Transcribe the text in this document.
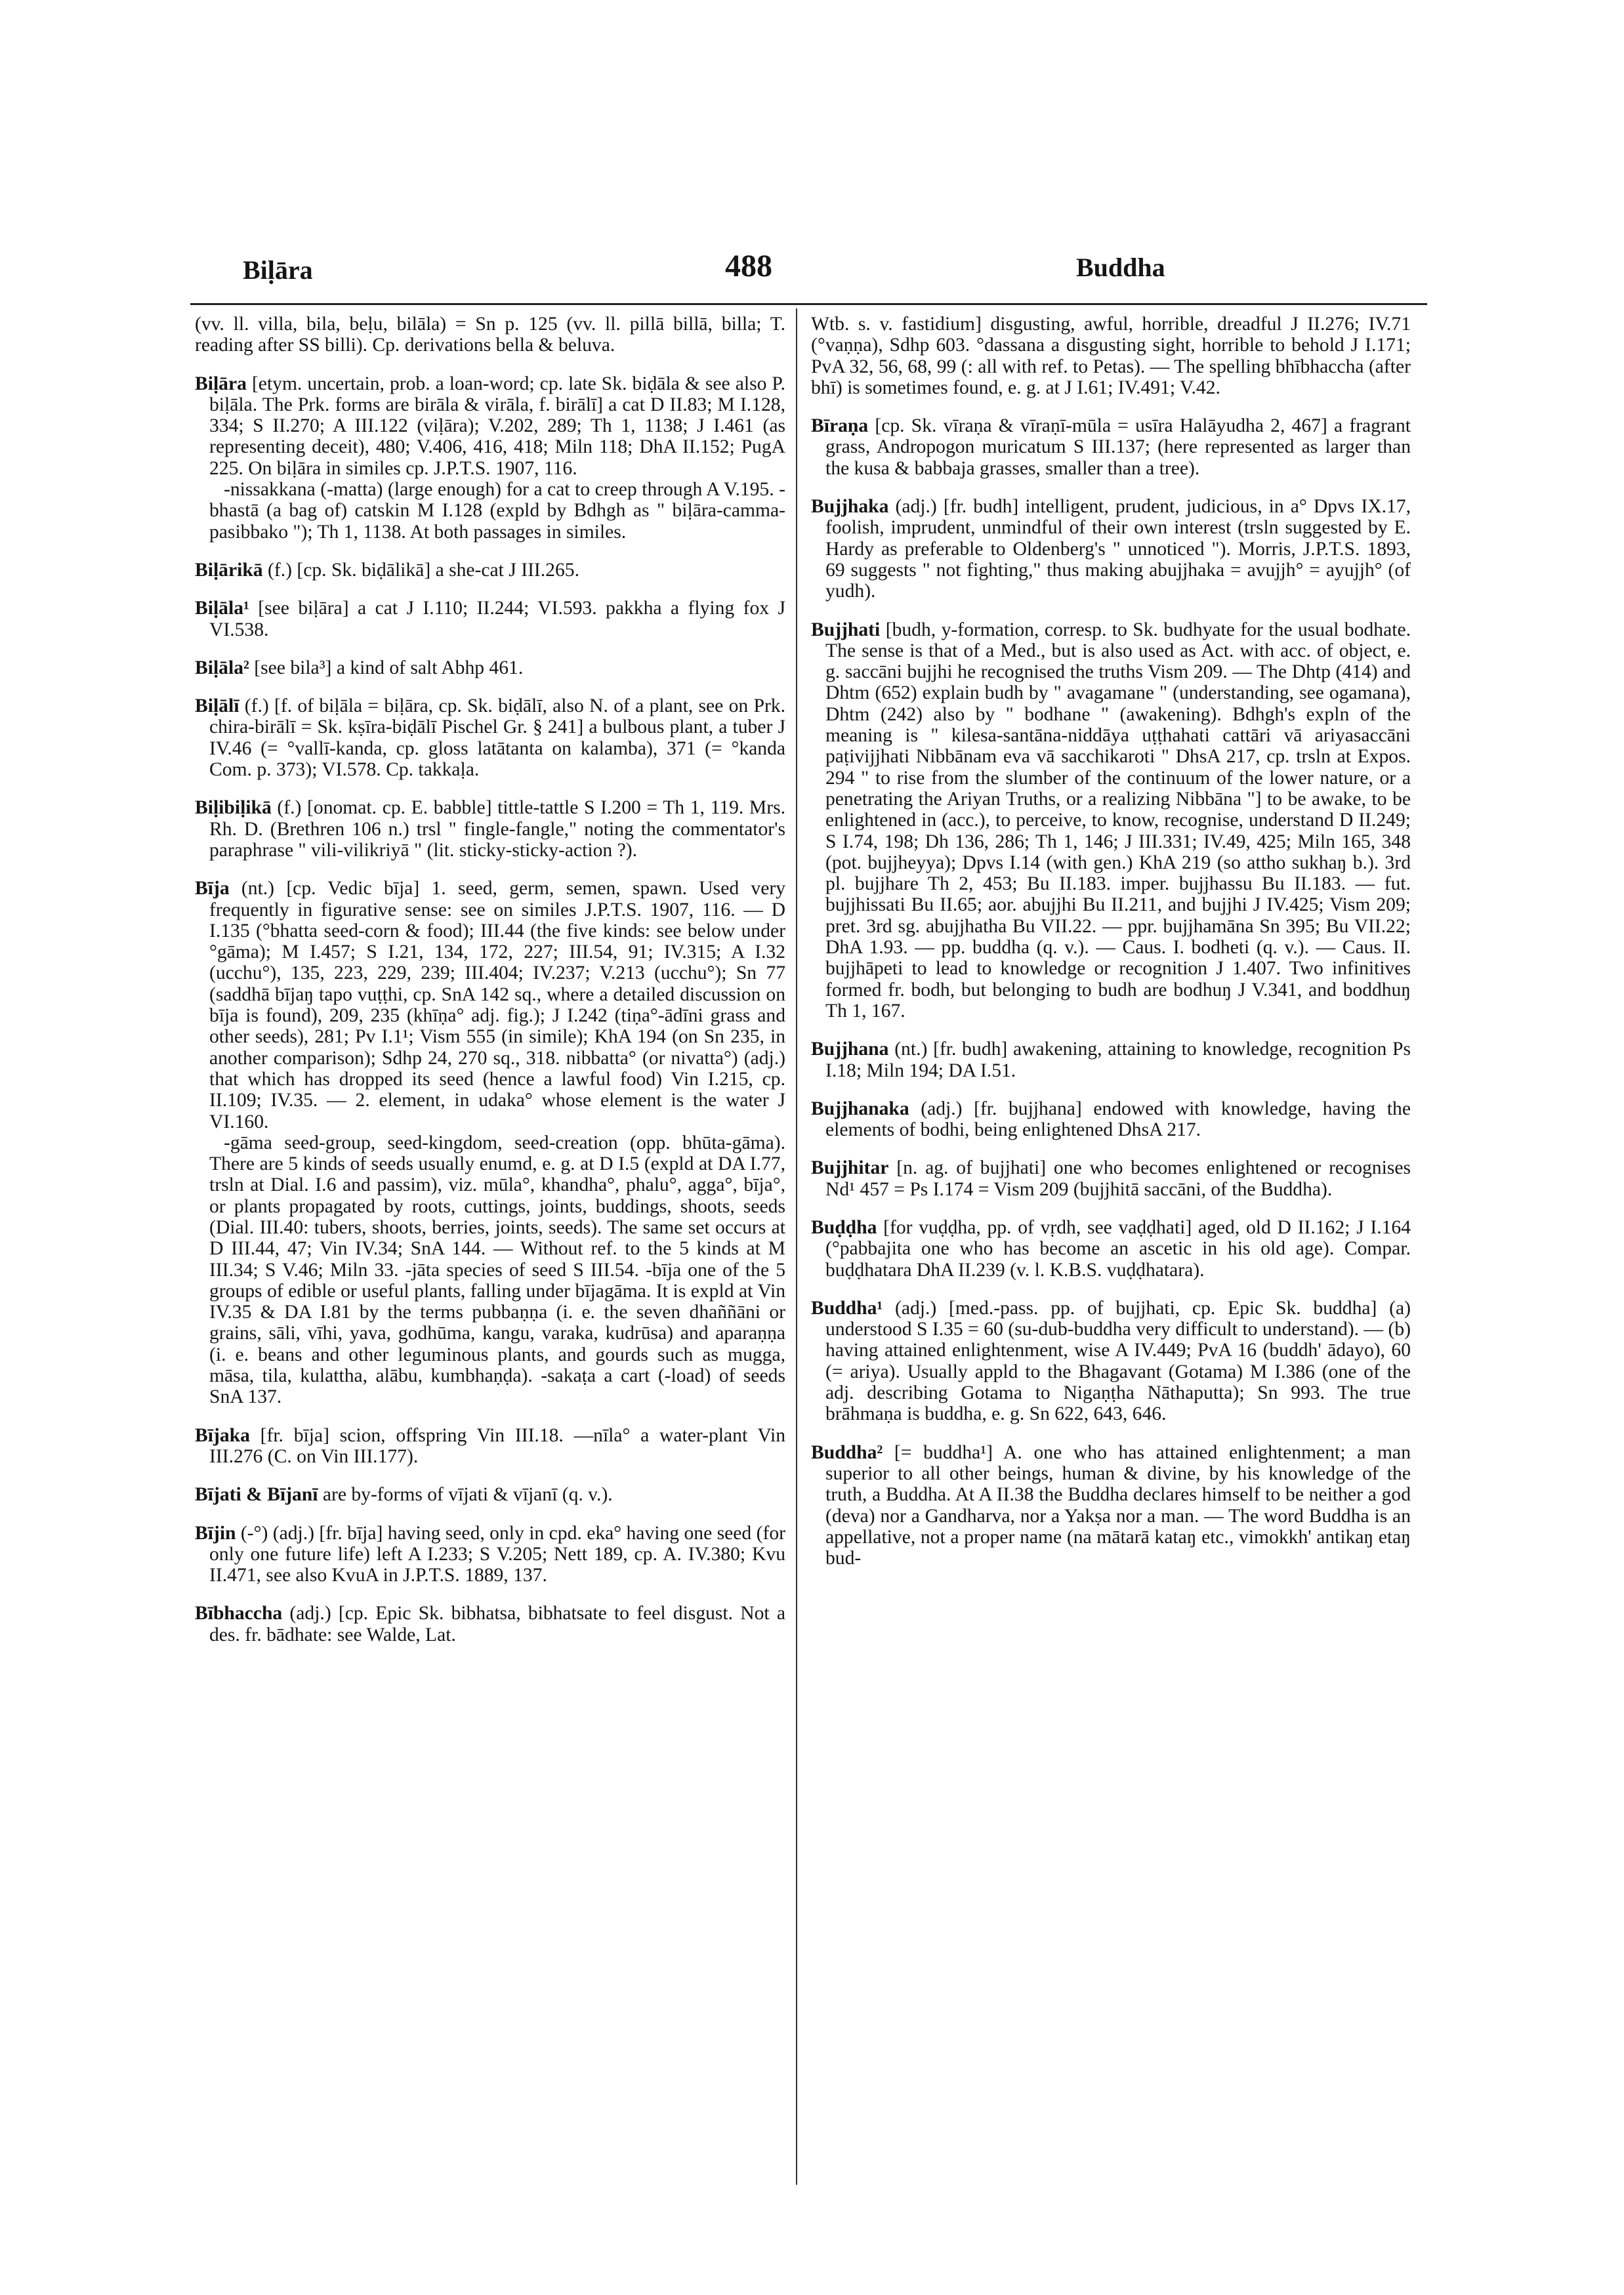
Biḷāra	488	Buddha

(vv. ll. villa, bila, beḷu, bilāla) = Sn p. 125 (vv. ll. pillā billā, billa; T. reading after SS billi). Cp. derivations bella & beluva.

Biḷāra [etym. uncertain, prob. a loan-word; cp. late Sk. biḍāla & see also P. biḷāla. The Prk. forms are birāla & virāla, f. birālī] a cat D II.83; M I.128, 334; S II.270; A III.122 (viḷāra); V.202, 289; Th 1, 1138; J I.461 (as representing deceit), 480; V.406, 416, 418; Miln 118; DhA II.152; PugA 225. On biḷāra in similes cp. J.P.T.S. 1907, 116.
-nissakkana (-matta) (large enough) for a cat to creep through A V.195. -bhastā (a bag of) catskin M I.128 (expld by Bdhgh as " biḷāra-camma-pasibbako "); Th 1, 1138. At both passages in similes.

Biḷārikā (f.) [cp. Sk. biḍālikā] a she-cat J III.265.

Biḷāla¹ [see biḷāra] a cat J I.110; II.244; VI.593. pakkha a flying fox J VI.538.

Biḷāla² [see bila³] a kind of salt Abhp 461.

Biḷālī (f.) [f. of biḷāla = biḷāra, cp. Sk. biḍālī, also N. of a plant, see on Prk. chira-birālī = Sk. kṣīra-biḍālī Pischel Gr. § 241] a bulbous plant, a tuber J IV.46 (= °vallī-kanda, cp. gloss latātanta on kalamba), 371 (= °kanda Com. p. 373); VI.578. Cp. takkaḷa.

Biḷibiḷikā (f.) [onomat. cp. E. babble] tittle-tattle S I.200 = Th 1, 119. Mrs. Rh. D. (Brethren 106 n.) trsl " fingle-fangle," noting the commentator's paraphrase " vili-vilikriyā " (lit. sticky-sticky-action ?).

Bīja (nt.) [cp. Vedic bīja] 1. seed, germ, semen, spawn. Used very frequently in figurative sense: see on similes J.P.T.S. 1907, 116. — D I.135 (°bhatta seed-corn & food); III.44 (the five kinds: see below under °gāma); M I.457; S I.21, 134, 172, 227; III.54, 91; IV.315; A I.32 (ucchu°), 135, 223, 229, 239; III.404; IV.237; V.213 (ucchu°); Sn 77 (saddhā bījaŋ tapo vuṭṭhi, cp. SnA 142 sq., where a detailed discussion on bīja is found), 209, 235 (khīṇa° adj. fig.); J I.242 (tiṇa°-ādīni grass and other seeds), 281; Pv I.1¹; Vism 555 (in simile); KhA 194 (on Sn 235, in another comparison); Sdhp 24, 270 sq., 318. nibbatta° (or nivatta°) (adj.) that which has dropped its seed (hence a lawful food) Vin I.215, cp. II.109; IV.35. — 2. element, in udaka° whose element is the water J VI.160.
-gāma seed-group, seed-kingdom, seed-creation (opp. bhūta-gāma). There are 5 kinds of seeds usually enumd, e. g. at D I.5 (expld at DA I.77, trsln at Dial. I.6 and passim), viz. mūla°, khandha°, phalu°, agga°, bīja°, or plants propagated by roots, cuttings, joints, buddings, shoots, seeds (Dial. III.40: tubers, shoots, berries, joints, seeds). The same set occurs at D III.44, 47; Vin IV.34; SnA 144. — Without ref. to the 5 kinds at M III.34; S V.46; Miln 33. -jāta species of seed S III.54. -bīja one of the 5 groups of edible or useful plants, falling under bījagāma. It is expld at Vin IV.35 & DA I.81 by the terms pubbaṇṇa (i. e. the seven dhaññāni or grains, sāli, vīhi, yava, godhūma, kangu, varaka, kudrūsa) and aparaṇṇa (i. e. beans and other leguminous plants, and gourds such as mugga, māsa, tila, kulattha, alābu, kumbhaṇḍa). -sakaṭa a cart (-load) of seeds SnA 137.

Bījaka [fr. bīja] scion, offspring Vin III.18. —nīla° a water-plant Vin III.276 (C. on Vin III.177).

Bījati & Bījanī are by-forms of vījati & vījanī (q. v.).

Bījin (-°) (adj.) [fr. bīja] having seed, only in cpd. eka° having one seed (for only one future life) left A I.233; S V.205; Nett 189, cp. A. IV.380; Kvu II.471, see also KvuA in J.P.T.S. 1889, 137.

Bībhaccha (adj.) [cp. Epic Sk. bibhatsa, bibhatsate to feel disgust. Not a des. fr. bādhate: see Walde, Lat.

Wtb. s. v. fastidium] disgusting, awful, horrible, dreadful J II.276; IV.71 (°vaṇṇa), Sdhp 603. °dassana a disgusting sight, horrible to behold J I.171; PvA 32, 56, 68, 99 (: all with ref. to Petas). — The spelling bhībhaccha (after bhī) is sometimes found, e. g. at J I.61; IV.491; V.42.

Bīraṇa [cp. Sk. vīraṇa & vīraṇī-mūla = usīra Halāyudha 2, 467] a fragrant grass, Andropogon muricatum S III.137; (here represented as larger than the kusa & babbaja grasses, smaller than a tree).

Bujjhaka (adj.) [fr. budh] intelligent, prudent, judicious, in a° Dpvs IX.17, foolish, imprudent, unmindful of their own interest (trsln suggested by E. Hardy as preferable to Oldenberg's " unnoticed "). Morris, J.P.T.S. 1893, 69 suggests " not fighting," thus making abujjhaka = avujjh° = ayujjh° (of yudh).

Bujjhati [budh, y-formation, corresp. to Sk. budhyate for the usual bodhate. The sense is that of a Med., but is also used as Act. with acc. of object, e. g. saccāni bujjhi he recognised the truths Vism 209. — The Dhtp (414) and Dhtm (652) explain budh by " avagamane " (understanding, see ogamana), Dhtm (242) also by " bodhane " (awakening). Bdhgh's expln of the meaning is " kilesa-santāna-niddāya uṭṭhahati cattāri vā ariyasaccāni paṭivijjhati Nibbānam eva vā sacchikaroti " DhsA 217, cp. trsln at Expos. 294 " to rise from the slumber of the continuum of the lower nature, or a penetrating the Ariyan Truths, or a realizing Nibbāna "] to be awake, to be enlightened in (acc.), to perceive, to know, recognise, understand D II.249; S I.74, 198; Dh 136, 286; Th 1, 146; J III.331; IV.49, 425; Miln 165, 348 (pot. bujjheyya); Dpvs I.14 (with gen.) KhA 219 (so attho sukhaŋ b.). 3rd pl. bujjhare Th 2, 453; Bu II.183. imper. bujjhassu Bu II.183. — fut. bujjhissati Bu II.65; aor. abujjhi Bu II.211, and bujjhi J IV.425; Vism 209; pret. 3rd sg. abujjhatha Bu VII.22. — ppr. bujjhamāna Sn 395; Bu VII.22; DhA 1.93. — pp. buddha (q. v.). — Caus. I. bodheti (q. v.). — Caus. II. bujjhāpeti to lead to knowledge or recognition J 1.407. Two infinitives formed fr. bodh, but belonging to budh are bodhuŋ J V.341, and boddhuŋ Th 1, 167.

Bujjhana (nt.) [fr. budh] awakening, attaining to knowledge, recognition Ps I.18; Miln 194; DA I.51.

Bujjhanaka (adj.) [fr. bujjhana] endowed with knowledge, having the elements of bodhi, being enlightened DhsA 217.

Bujjhitar [n. ag. of bujjhati] one who becomes enlightened or recognises Nd¹ 457 = Ps I.174 = Vism 209 (bujjhitā saccāni, of the Buddha).

Buḍḍha [for vuḍḍha, pp. of vṛdh, see vaḍḍhati] aged, old D II.162; J I.164 (°pabbajita one who has become an ascetic in his old age). Compar. buḍḍhatara DhA II.239 (v. l. K.B.S. vuḍḍhatara).

Buddha¹ (adj.) [med.-pass. pp. of bujjhati, cp. Epic Sk. buddha] (a) understood S I.35 = 60 (su-dub-buddha very difficult to understand). — (b) having attained enlightenment, wise A IV.449; PvA 16 (buddh' ādayo), 60 (= ariya). Usually appld to the Bhagavant (Gotama) M I.386 (one of the adj. describing Gotama to Nigaṇṭha Nāthaputta); Sn 993. The true brāhmaṇa is buddha, e. g. Sn 622, 643, 646.

Buddha² [= buddha¹] A. one who has attained enlightenment; a man superior to all other beings, human & divine, by his knowledge of the truth, a Buddha. At A II.38 the Buddha declares himself to be neither a god (deva) nor a Gandharva, nor a Yakṣa nor a man. — The word Buddha is an appellative, not a proper name (na mātarā kataŋ etc., vimokkh' antikaŋ etaŋ bud-
